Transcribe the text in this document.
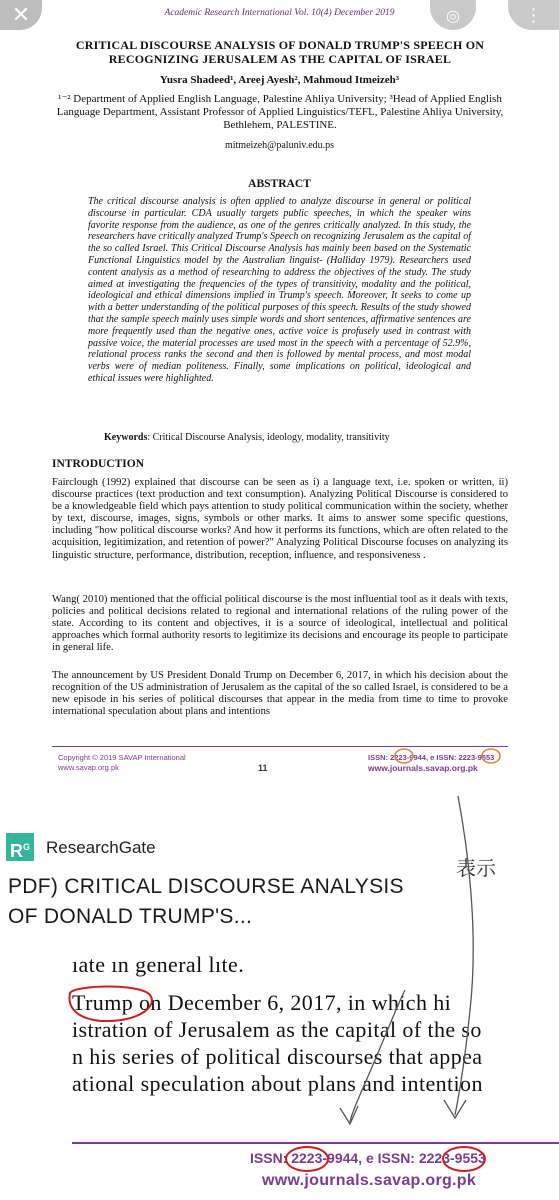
✕	◎	⋮
Academic Research International Vol. 10(4) December 2019
CRITICAL DISCOURSE ANALYSIS OF DONALD TRUMP'S SPEECH ON RECOGNIZING JERUSALEM AS THE CAPITAL OF ISRAEL
Yusra Shadeed¹, Areej Ayesh², Mahmoud Itmeizeh³
¹⁻² Department of Applied English Language, Palestine Ahliya University; ³Head of Applied English Language Department, Assistant Professor of Applied Linguistics/TEFL, Palestine Ahliya University, Bethlehem, PALESTINE.
mitmeizeh@paluniv.edu.ps
ABSTRACT
The critical discourse analysis is often applied to analyze discourse in general or political discourse in particular. CDA usually targets public speeches, in which the speaker wins favorite response from the audience, as one of the genres critically analyzed. In this study, the researchers have critically analyzed Trump's Speech on recognizing Jerusalem as the capital of the so called Israel. This Critical Discourse Analysis has mainly been based on the Systematic Functional Linguistics model by the Australian linguist- (Halliday 1979). Researchers used content analysis as a method of researching to address the objectives of the study. The study aimed at investigating the frequencies of the types of transitivity, modality and the political, ideological and ethical dimensions implied in Trump's speech. Moreover, It seeks to come up with a better understanding of the political purposes of this speech. Results of the study showed that the sample speech mainly uses simple words and short sentences, affirmative sentences are more frequently used than the negative ones, active voice is profusely used in contrast with passive voice, the material processes are used most in the speech with a percentage of 52.9%, relational process ranks the second and then is followed by mental process, and most modal verbs were of median politeness. Finally, some implications on political, ideological and ethical issues were highlighted.
Keywords: Critical Discourse Analysis, ideology, modality, transitivity
INTRODUCTION
Fairclough (1992) explained that discourse can be seen as i) a language text, i.e. spoken or written, ii) discourse practices (text production and text consumption). Analyzing Political Discourse is considered to be a knowledgeable field which pays attention to study political communication within the society, whether by text, discourse, images, signs, symbols or other marks. It aims to answer some specific questions, including "how political discourse works? And how it performs its functions, which are often related to the acquisition, legitimization, and retention of power?" Analyzing Political Discourse focuses on analyzing its linguistic structure, performance, distribution, reception, influence, and responsiveness .
Wang( 2010) mentioned that the official political discourse is the most influential tool as it deals with texts, policies and political decisions related to regional and international relations of the ruling power of the state. According to its content and objectives, it is a source of ideological, intellectual and political approaches which formal authority resorts to legitimize its decisions and encourage its people to participate in general life.
The announcement by US President Donald Trump on December 6, 2017, in which his decision about the recognition of the US administration of Jerusalem as the capital of the so called Israel, is considered to be a new episode in his series of political discourses that appear in the media from time to time to provoke international speculation about plans and intentions
Copyright © 2019 SAVAP International
www.savap.org.pk	11
ISSN: 2223-9944, e ISSN: 2223-9553
www.journals.savap.org.pk
$R^G$ ResearchGate
PDF) CRITICAL DISCOURSE ANALYSIS OF DONALD TRUMP'S...
表示
ıate ın general lıte.
Trump on December 6, 2017, in which hi
istration of Jerusalem as the capital of the so
n his series of political discourses that appea
ational speculation about plans and intention
ISSN: 2223-9944, e ISSN: 2223-9553
www.journals.savap.org.pk
